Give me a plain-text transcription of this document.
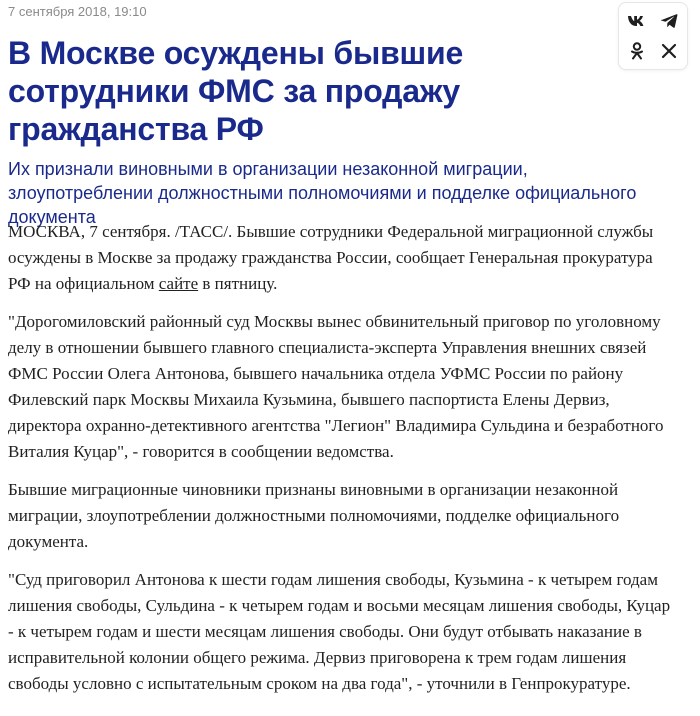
7 сентября 2018, 19:10
В Москве осуждены бывшие сотрудники ФМС за продажу гражданства РФ
Их признали виновными в организации незаконной миграции, злоупотреблении должностными полномочиями и подделке официального документа

МОСКВА, 7 сентября. /ТАСС/. Бывшие сотрудники Федеральной миграционной службы осуждены в Москве за продажу гражданства России, сообщает Генеральная прокуратура РФ на официальном сайте в пятницу.

"Дорогомиловский районный суд Москвы вынес обвинительный приговор по уголовному делу в отношении бывшего главного специалиста-эксперта Управления внешних связей ФМС России Олега Антонова, бывшего начальника отдела УФМС России по району Филевский парк Москвы Михаила Кузьмина, бывшего паспортиста Елены Дервиз, директора охранно-детективного агентства "Легион" Владимира Сульдина и безработного Виталия Куцар", - говорится в сообщении ведомства.

Бывшие миграционные чиновники признаны виновными в организации незаконной миграции, злоупотреблении должностными полномочиями, подделке официального документа.

"Суд приговорил Антонова к шести годам лишения свободы, Кузьмина - к четырем годам лишения свободы, Сульдина - к четырем годам и восьми месяцам лишения свободы, Куцар - к четырем годам и шести месяцам лишения свободы. Они будут отбывать наказание в исправительной колонии общего режима. Дервиз приговорена к трем годам лишения свободы условно с испытательным сроком на два года", - уточнили в Генпрокуратуре.
